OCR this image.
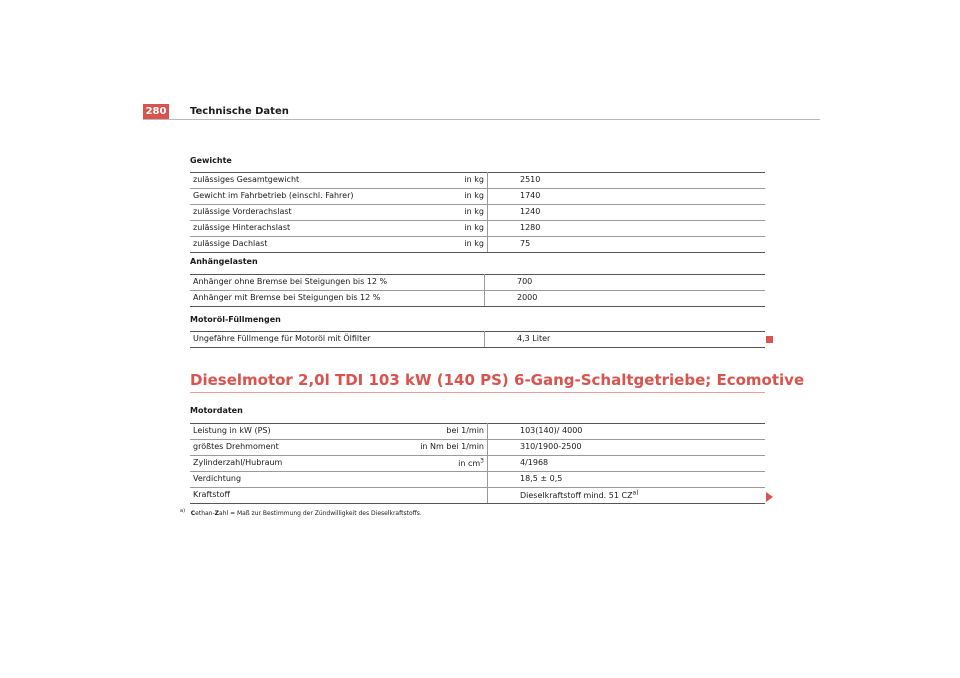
280 Technische Daten
Gewichte
zulässiges Gesamtgewicht	in kg	2510
Gewicht im Fahrbetrieb (einschl. Fahrer)	in kg	1740
zulässige Vorderachslast	in kg	1240
zulässige Hinterachslast	in kg	1280
zulässige Dachlast	in kg	75
Anhängelasten
Anhänger ohne Bremse bei Steigungen bis 12 %	700
Anhänger mit Bremse bei Steigungen bis 12 %	2000
Motoröl-Füllmengen
Ungefähre Füllmenge für Motoröl mit Ölfilter	4,3 Liter
Dieselmotor 2,0l TDI 103 kW (140 PS) 6-Gang-Schaltgetriebe; Ecomotive
Motordaten
Leistung in kW (PS)	bei 1/min	103(140)/ 4000
größtes Drehmoment	in Nm bei 1/min	310/1900-2500
Zylinderzahl/Hubraum	in $cm^3$	4/1968
Verdichtung		18,5 ± 0,5
Kraftstoff		Dieselkraftstoff mind. 51 CZ$^{a)}$
$^{a)}$ Cethan-Zahl = Maß zur Bestimmung der Zündwilligkeit des Dieselkraftstoffs.
